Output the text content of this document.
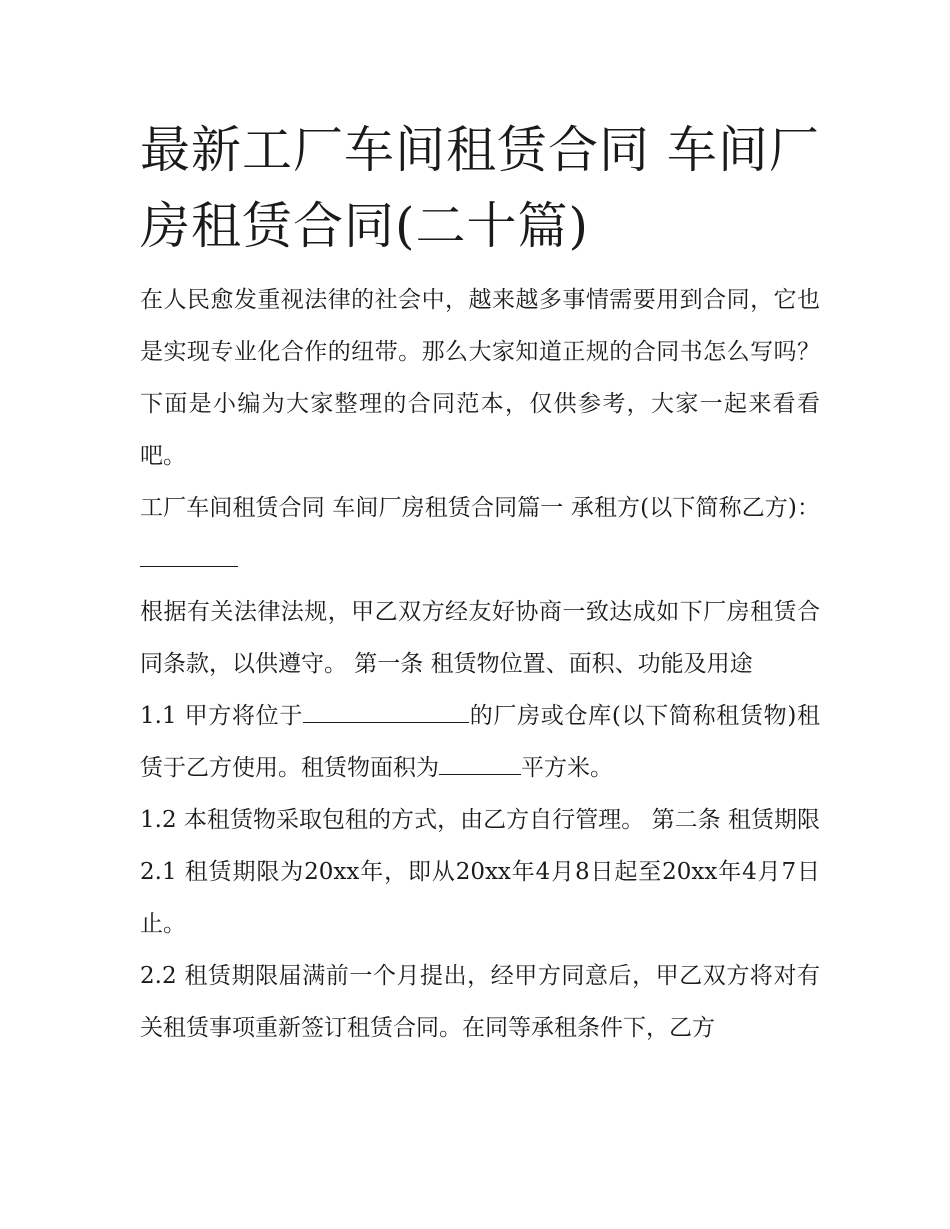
最新工厂车间租赁合同 车间厂房租赁合同(二十篇)

在人民愈发重视法律的社会中，越来越多事情需要用到合同，它也是实现专业化合作的纽带。那么大家知道正规的合同书怎么写吗？下面是小编为大家整理的合同范本，仅供参考，大家一起来看看吧。

工厂车间租赁合同 车间厂房租赁合同篇一 承租方(以下简称乙方)：

根据有关法律法规，甲乙双方经友好协商一致达成如下厂房租赁合同条款，以供遵守。 第一条 租赁物位置、面积、功能及用途

1.1 甲方将位于	的厂房或仓库(以下简称租赁物)租赁于乙方使用。租赁物面积为	平方米。

1.2 本租赁物采取包租的方式，由乙方自行管理。 第二条 租赁期限 2.1 租赁期限为20xx年，即从20xx年4月8日起至20xx年4月7日止。

2.2 租赁期限届满前一个月提出，经甲方同意后，甲乙双方将对有关租赁事项重新签订租赁合同。在同等承租条件下，乙方
